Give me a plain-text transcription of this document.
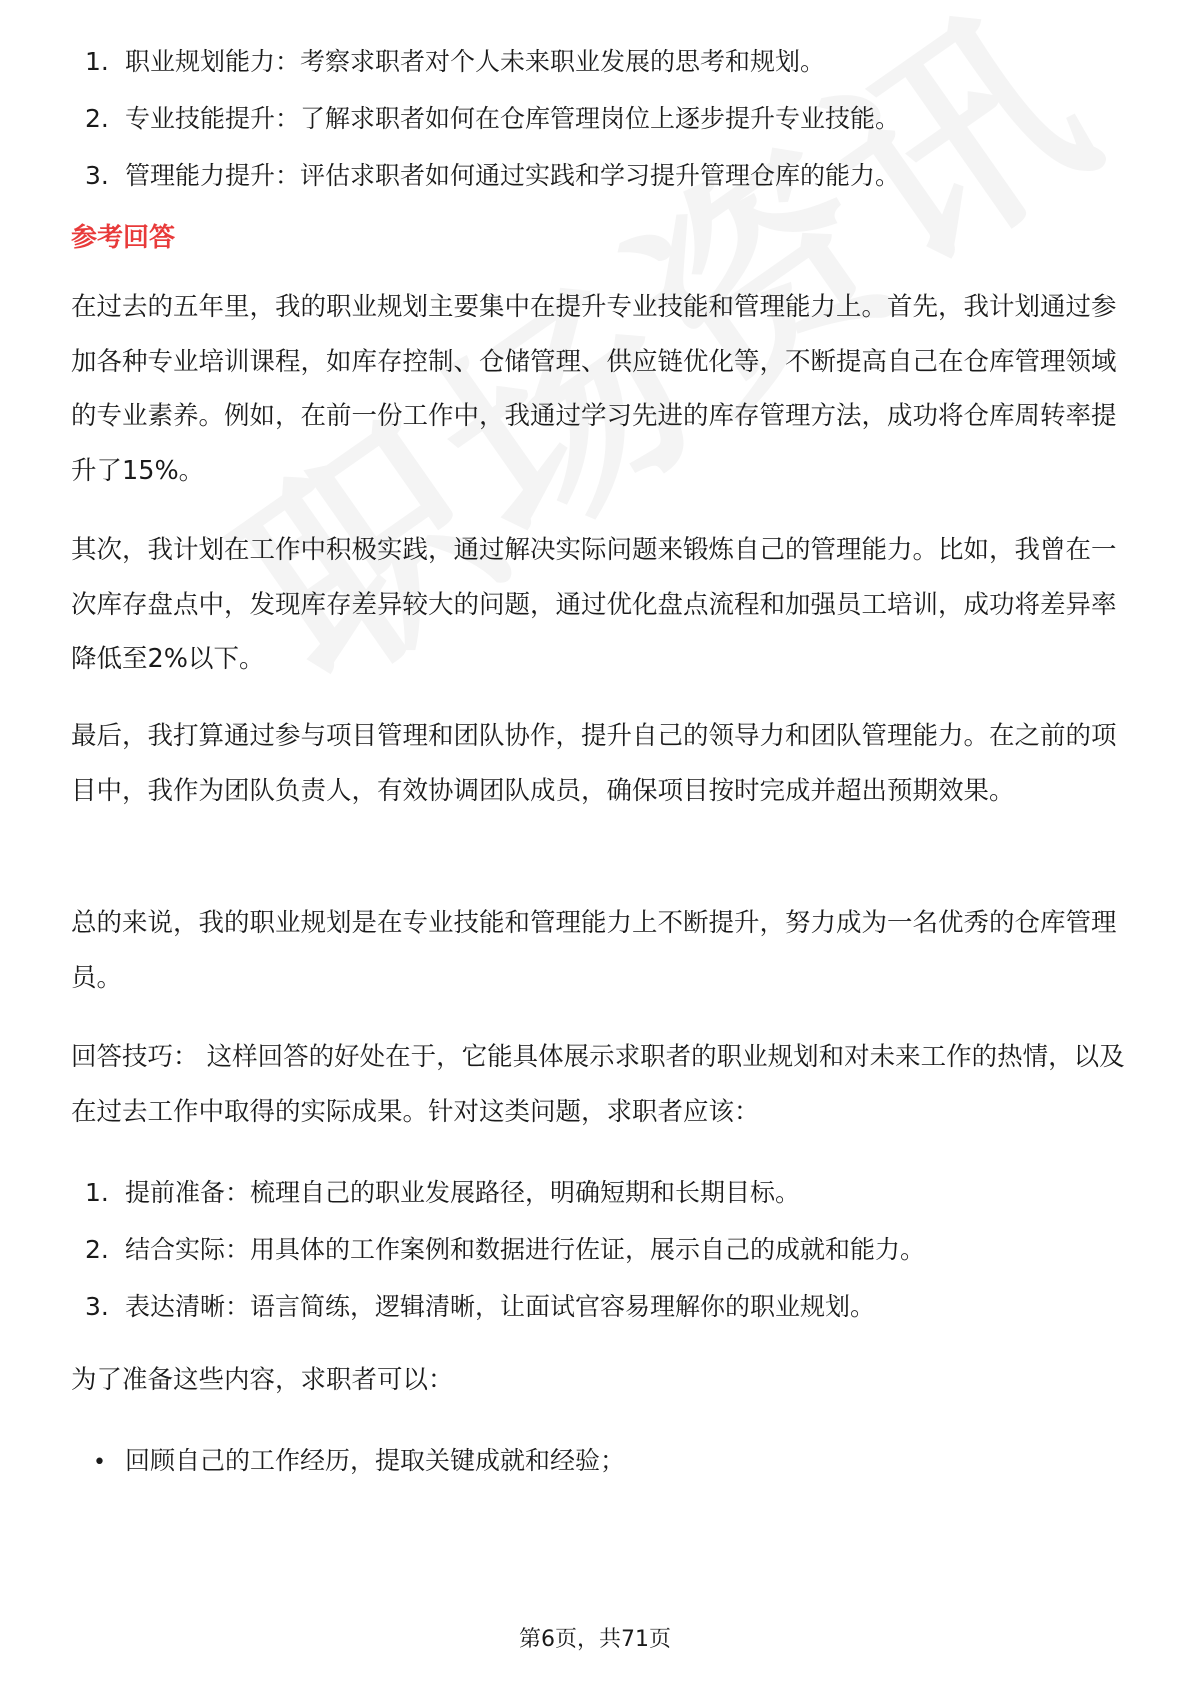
1. 职业规划能力：考察求职者对个人未来职业发展的思考和规划。
2. 专业技能提升：了解求职者如何在仓库管理岗位上逐步提升专业技能。
3. 管理能力提升：评估求职者如何通过实践和学习提升管理仓库的能力。
参考回答

在过去的五年里，我的职业规划主要集中在提升专业技能和管理能力上。首先，我计划通过参加各种专业培训课程，如库存控制、仓储管理、供应链优化等，不断提高自己在仓库管理领域的专业素养。例如，在前一份工作中，我通过学习先进的库存管理方法，成功将仓库周转率提升了15%。

其次，我计划在工作中积极实践，通过解决实际问题来锻炼自己的管理能力。比如，我曾在一次库存盘点中，发现库存差异较大的问题，通过优化盘点流程和加强员工培训，成功将差异率降低至2%以下。

最后，我打算通过参与项目管理和团队协作，提升自己的领导力和团队管理能力。在之前的项目中，我作为团队负责人，有效协调团队成员，确保项目按时完成并超出预期效果。

总的来说，我的职业规划是在专业技能和管理能力上不断提升，努力成为一名优秀的仓库管理员。

回答技巧： 这样回答的好处在于，它能具体展示求职者的职业规划和对未来工作的热情，以及在过去工作中取得的实际成果。针对这类问题，求职者应该：

1. 提前准备：梳理自己的职业发展路径，明确短期和长期目标。
2. 结合实际：用具体的工作案例和数据进行佐证，展示自己的成就和能力。
3. 表达清晰：语言简练，逻辑清晰，让面试官容易理解你的职业规划。

为了准备这些内容，求职者可以：

• 回顾自己的工作经历，提取关键成就和经验；
第6页，共71页
